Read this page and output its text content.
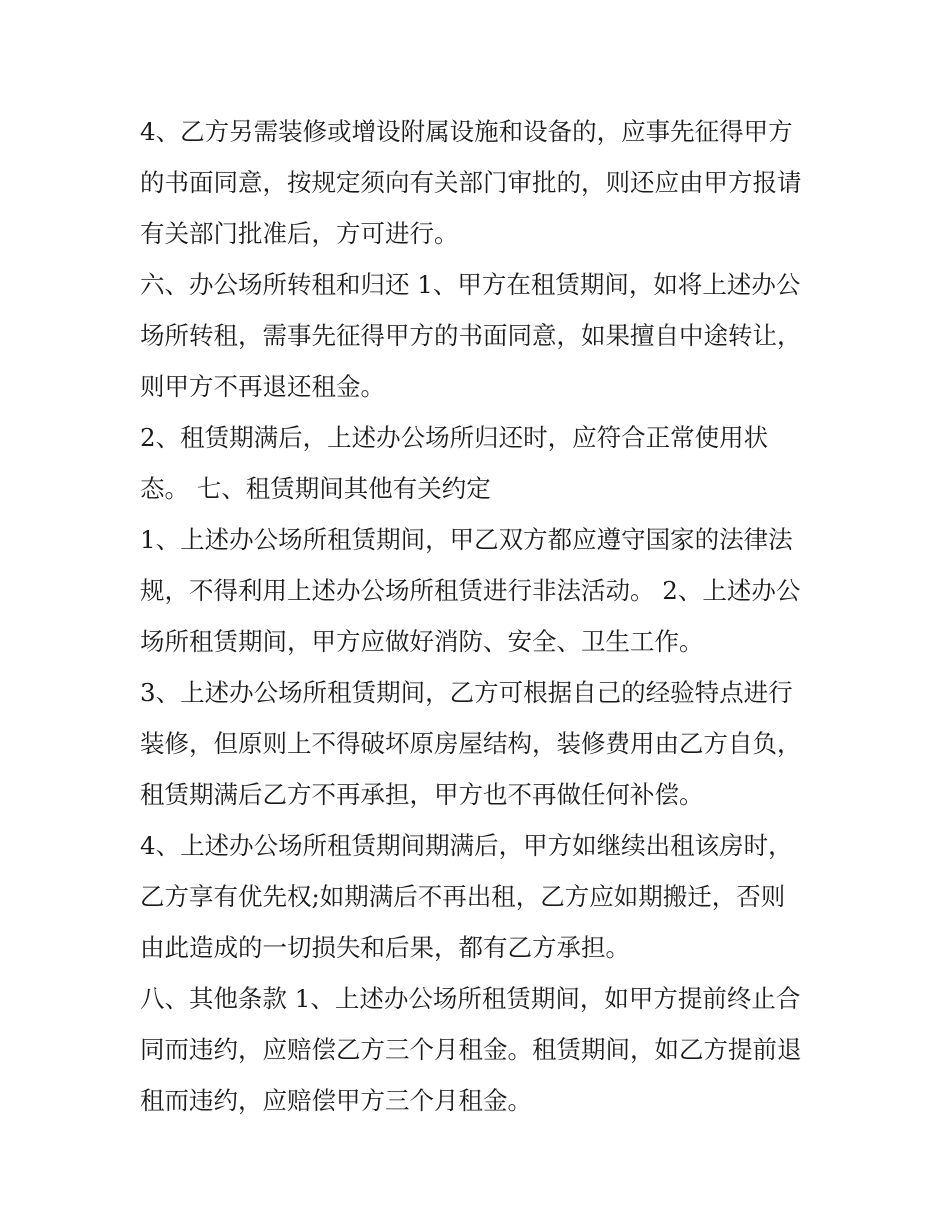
4、乙方另需装修或增设附属设施和设备的，应事先征得甲方
的书面同意，按规定须向有关部门审批的，则还应由甲方报请
有关部门批准后，方可进行。
六、办公场所转租和归还 1、甲方在租赁期间，如将上述办公
场所转租，需事先征得甲方的书面同意，如果擅自中途转让，
则甲方不再退还租金。
2、租赁期满后，上述办公场所归还时，应符合正常使用状
态。 七、租赁期间其他有关约定
1、上述办公场所租赁期间，甲乙双方都应遵守国家的法律法
规，不得利用上述办公场所租赁进行非法活动。 2、上述办公
场所租赁期间，甲方应做好消防、安全、卫生工作。
3、上述办公场所租赁期间，乙方可根据自己的经验特点进行
装修，但原则上不得破坏原房屋结构，装修费用由乙方自负，
租赁期满后乙方不再承担，甲方也不再做任何补偿。
4、上述办公场所租赁期间期满后，甲方如继续出租该房时，
乙方享有优先权;如期满后不再出租，乙方应如期搬迁，否则
由此造成的一切损失和后果，都有乙方承担。
八、其他条款 1、上述办公场所租赁期间，如甲方提前终止合
同而违约，应赔偿乙方三个月租金。租赁期间，如乙方提前退
租而违约，应赔偿甲方三个月租金。
